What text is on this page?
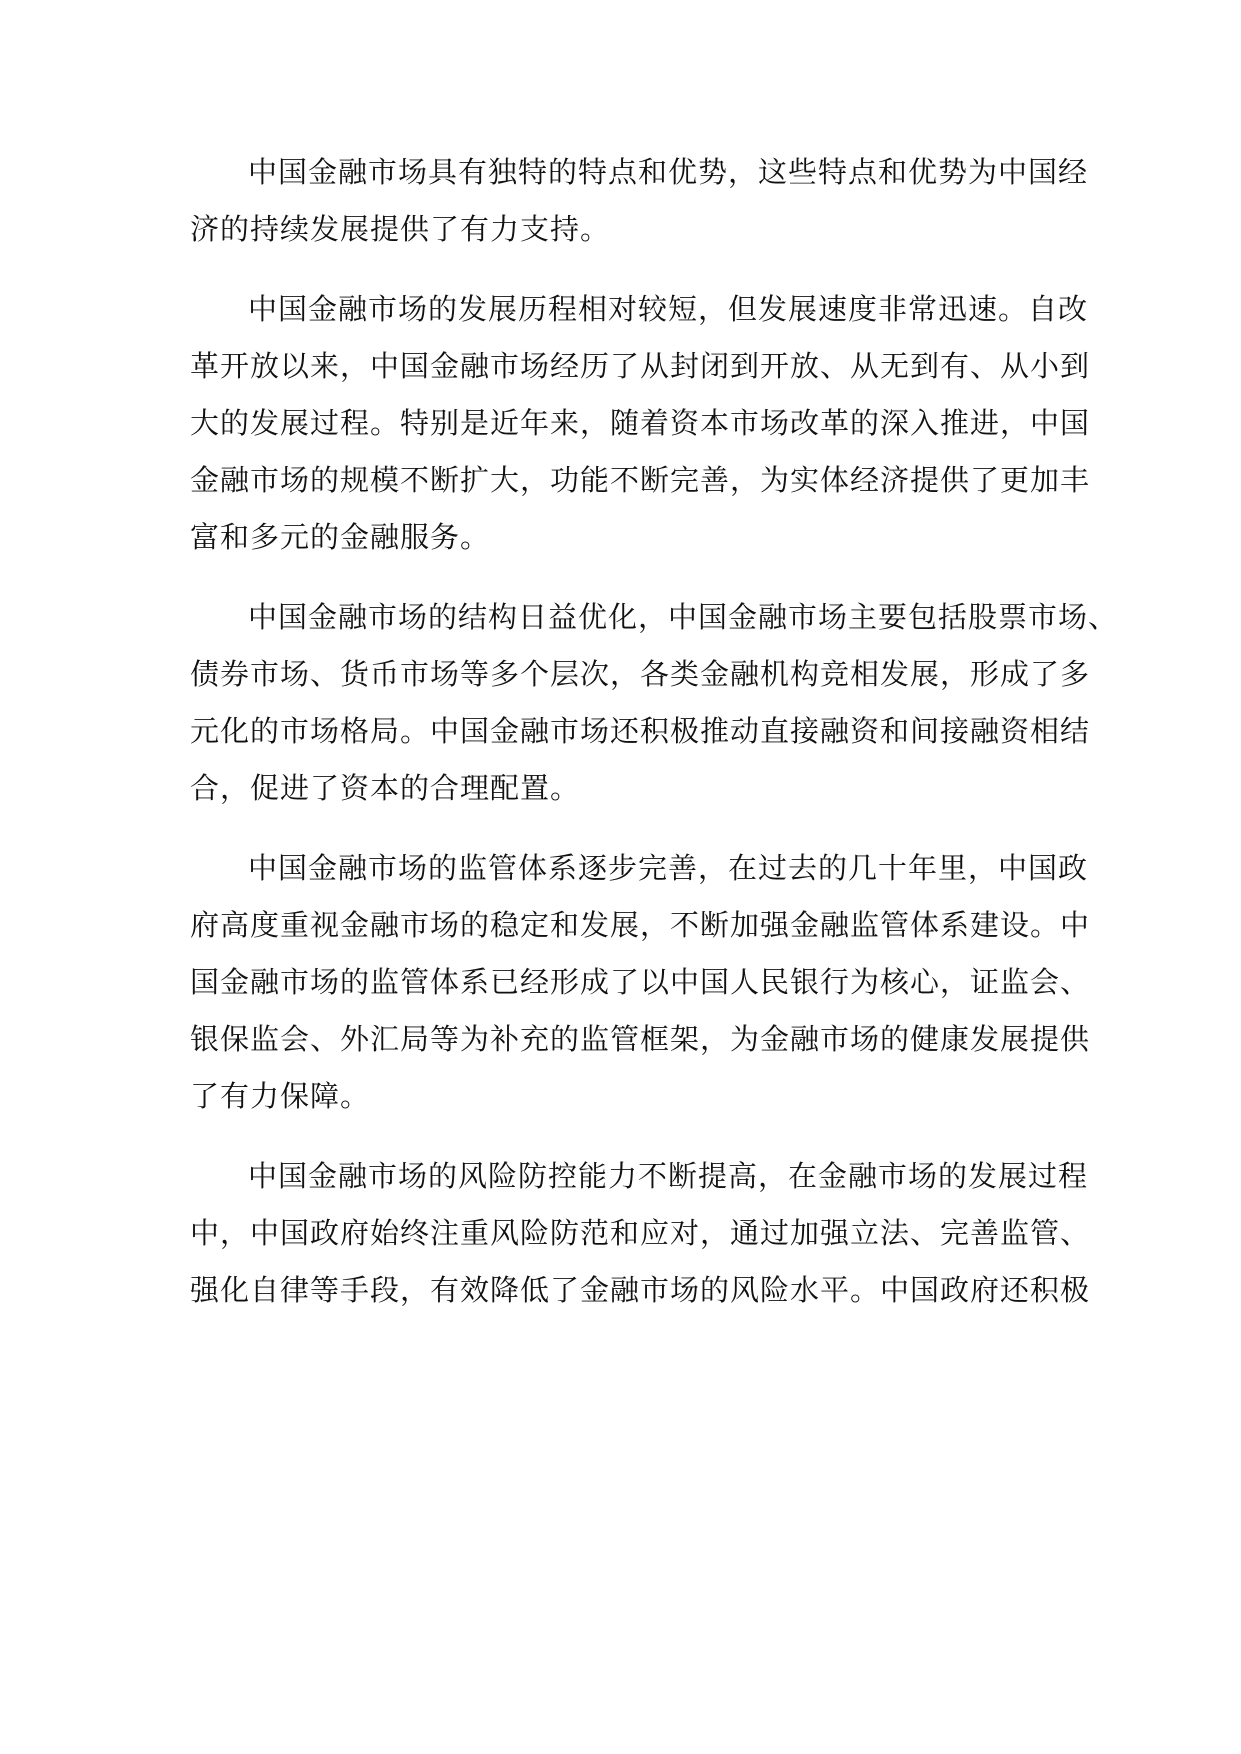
中国金融市场具有独特的特点和优势，这些特点和优势为中国经
济的持续发展提供了有力支持。
中国金融市场的发展历程相对较短，但发展速度非常迅速。自改
革开放以来，中国金融市场经历了从封闭到开放、从无到有、从小到
大的发展过程。特别是近年来，随着资本市场改革的深入推进，中国
金融市场的规模不断扩大，功能不断完善，为实体经济提供了更加丰
富和多元的金融服务。
中国金融市场的结构日益优化，中国金融市场主要包括股票市场、
债券市场、货币市场等多个层次，各类金融机构竞相发展，形成了多
元化的市场格局。中国金融市场还积极推动直接融资和间接融资相结
合，促进了资本的合理配置。
中国金融市场的监管体系逐步完善，在过去的几十年里，中国政
府高度重视金融市场的稳定和发展，不断加强金融监管体系建设。中
国金融市场的监管体系已经形成了以中国人民银行为核心，证监会、
银保监会、外汇局等为补充的监管框架，为金融市场的健康发展提供
了有力保障。
中国金融市场的风险防控能力不断提高，在金融市场的发展过程
中，中国政府始终注重风险防范和应对，通过加强立法、完善监管、
强化自律等手段，有效降低了金融市场的风险水平。中国政府还积极
